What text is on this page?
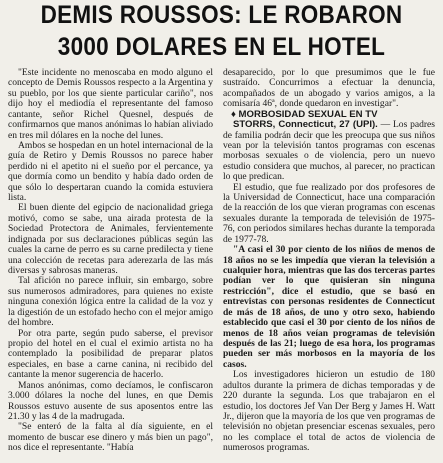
DEMIS ROUSSOS: LE ROBARON
3000 DOLARES EN EL HOTEL

"Este incidente no menoscaba en modo alguno el concepto de Demis Roussos respecto a la Argentina y su pueblo, por los que siente particular cariño", nos dijo hoy el mediodía el representante del famoso cantante, señor Richel Quesnel, después de confirmarnos que manos anónimas lo habían aliviado en tres mil dólares en la noche del lunes.

Ambos se hospedan en un hotel internacional de la guía de Retiro y Demis Roussos no parece haber perdido ni el apetito ni el sueño por el percance, ya que dormía como un bendito y había dado orden de que sólo lo despertaran cuando la comida estuviera lista.

El buen diente del egipcio de nacionalidad griega motivó, como se sabe, una airada protesta de la Sociedad Protectora de Animales, fervientemente indignada por sus declaraciones públicas según las cuales la carne de perro es su carne predilecta y tiene una colección de recetas para aderezarla de las más diversas y sabrosas maneras.

Tal afición no parece influir, sin embargo, sobre sus numerosos admiradores, para quienes no existe ninguna conexión lógica entre la calidad de la voz y la digestión de un estofado hecho con el mejor amigo del hombre.

Por otra parte, según pudo saberse, el previsor propio del hotel en el cual el eximio artista no ha contemplado la posibilidad de preparar platos especiales, en base a carne canina, ni recibido del cantante la menor sugerencia de hacerlo.

Manos anónimas, como decíamos, le confiscaron 3.000 dólares la noche del lunes, en que Demis Roussos estuvo ausente de sus aposentos entre las 21.30 y las 4 de la madrugada.

"Se enteró de la falta al día siguiente, en el momento de buscar ese dinero y más bien un pago", nos dice el representante. "Había

desaparecido, por lo que presumimos que le fue sustraído. Concurrimos a efectuar la denuncia, acompañados de un abogado y varios amigos, a la comisaría 46ª, donde quedaron en investigar".

♦ MORBOSIDAD SEXUAL EN TV

STORRS, Connecticut, 27 (UPI). — Los padres de familia podrán decir que les preocupa que sus niños vean por la televisión tantos programas con escenas morbosas sexuales o de violencia, pero un nuevo estudio considera que muchos, al parecer, no practican lo que predican.

El estudio, que fue realizado por dos profesores de la Universidad de Connecticut, hace una comparación de la reacción de los que vieran programas con escenas sexuales durante la temporada de televisión de 1975-76, con periodos similares hechas durante la temporada de 1977-78.

"A casi el 30 por ciento de los niños de menos de 18 años no se les impedía que vieran la televisión a cualquier hora, mientras que las dos terceras partes podían ver lo que quisieran sin ninguna restricción", dice el estudio, que se basó en entrevistas con personas residentes de Connecticut de más de 18 años, de uno y otro sexo, habiendo establecido que casi el 30 por ciento de los niños de menos de 18 años veían programas de televisión después de las 21; luego de esa hora, los programas pueden ser más morbosos en la mayoría de los casos.

Los investigadores hicieron un estudio de 180 adultos durante la primera de dichas temporadas y de 220 durante la segunda. Los que trabajaron en el estudio, los doctores Jef Van Der Berg y James H. Watt Jr., dijeron que la mayoría de los que ven programas de televisión no objetan presenciar escenas sexuales, pero no les complace el total de actos de violencia de numerosos programas.
